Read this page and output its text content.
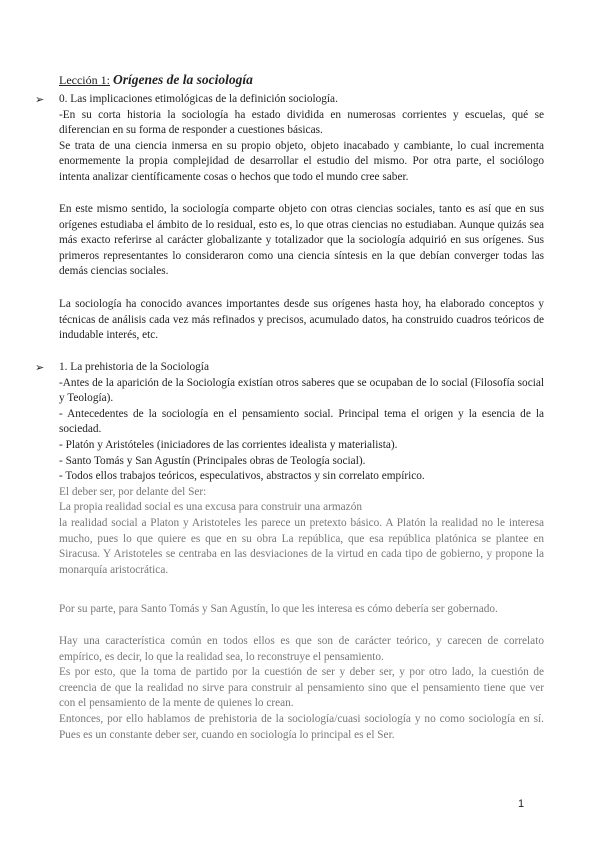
Lección 1: Orígenes de la sociología

➢ 0. Las implicaciones etimológicas de la definición sociología.

-En su corta historia la sociología ha estado dividida en numerosas corrientes y escuelas, qué se diferencian en su forma de responder a cuestiones básicas.

Se trata de una ciencia inmersa en su propio objeto, objeto inacabado y cambiante, lo cual incrementa enormemente la propia complejidad de desarrollar el estudio del mismo. Por otra parte, el sociólogo intenta analizar científicamente cosas o hechos que todo el mundo cree saber.

En este mismo sentido, la sociología comparte objeto con otras ciencias sociales, tanto es así que en sus orígenes estudiaba el ámbito de lo residual, esto es, lo que otras ciencias no estudiaban. Aunque quizás sea más exacto referirse al carácter globalizante y totalizador que la sociología adquirió en sus orígenes. Sus primeros representantes lo consideraron como una ciencia síntesis en la que debían converger todas las demás ciencias sociales.

La sociología ha conocido avances importantes desde sus orígenes hasta hoy, ha elaborado conceptos y técnicas de análisis cada vez más refinados y precisos, acumulado datos, ha construido cuadros teóricos de indudable interés, etc.

➢ 1. La prehistoria de la Sociología

-Antes de la aparición de la Sociología existían otros saberes que se ocupaban de lo social (Filosofía social y Teología).

- Antecedentes de la sociología en el pensamiento social. Principal tema el origen y la esencia de la sociedad.

- Platón y Aristóteles (iniciadores de las corrientes idealista y materialista).

- Santo Tomás y San Agustín (Principales obras de Teología social).

- Todos ellos trabajos teóricos, especulativos, abstractos y sin correlato empírico.

El deber ser, por delante del Ser:

La propia realidad social es una excusa para construir una armazón

la realidad social a Platon y Aristoteles les parece un pretexto básico. A Platón la realidad no le interesa mucho, pues lo que quiere es que en su obra La república, que esa república platónica se plantee en Siracusa. Y Aristoteles se centraba en las desviaciones de la virtud en cada tipo de gobierno, y propone la monarquía aristocrática.

Por su parte, para Santo Tomás y San Agustín, lo que les interesa es cómo debería ser gobernado.

Hay una característica común en todos ellos es que son de carácter teórico, y carecen de correlato empírico, es decir, lo que la realidad sea, lo reconstruye el pensamiento.

Es por esto, que la toma de partido por la cuestión de ser y deber ser, y por otro lado, la cuestión de creencia de que la realidad no sirve para construir al pensamiento sino que el pensamiento tiene que ver con el pensamiento de la mente de quienes lo crean.

Entonces, por ello hablamos de prehistoria de la sociología/cuasi sociología y no como sociología en sí. Pues es un constante deber ser, cuando en sociología lo principal es el Ser.

1
